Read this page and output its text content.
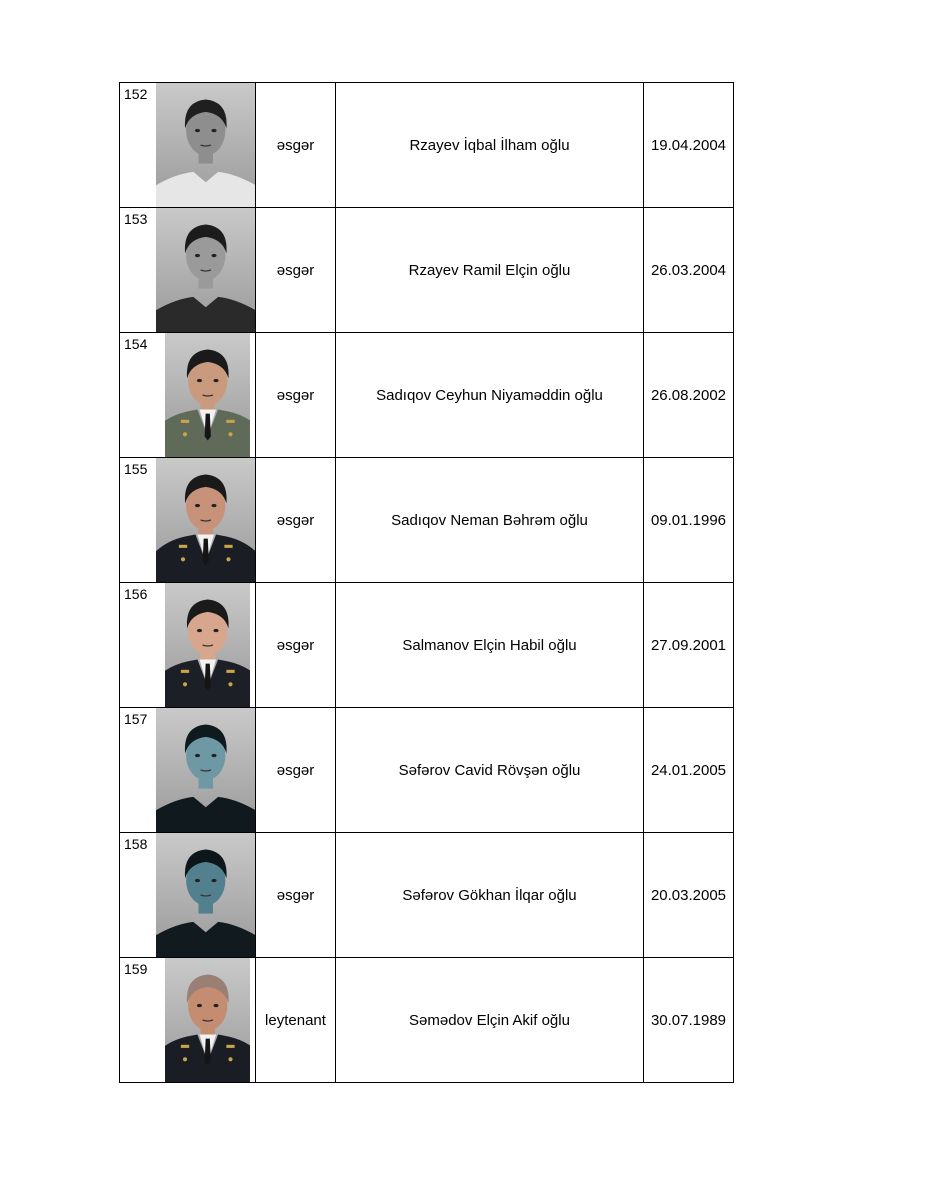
152		əsgər	Rzayev İqbal İlham oğlu	19.04.2004
153		əsgər	Rzayev Ramil Elçin oğlu	26.03.2004
154		əsgər	Sadıqov Ceyhun Niyaməddin oğlu	26.08.2002
155		əsgər	Sadıqov Neman Bəhrəm oğlu	09.01.1996
156		əsgər	Salmanov Elçin Habil oğlu	27.09.2001
157		əsgər	Səfərov Cavid Rövşən oğlu	24.01.2005
158		əsgər	Səfərov Gökhan İlqar oğlu	20.03.2005
159		leytenant	Səmədov Elçin Akif oğlu	30.07.1989
